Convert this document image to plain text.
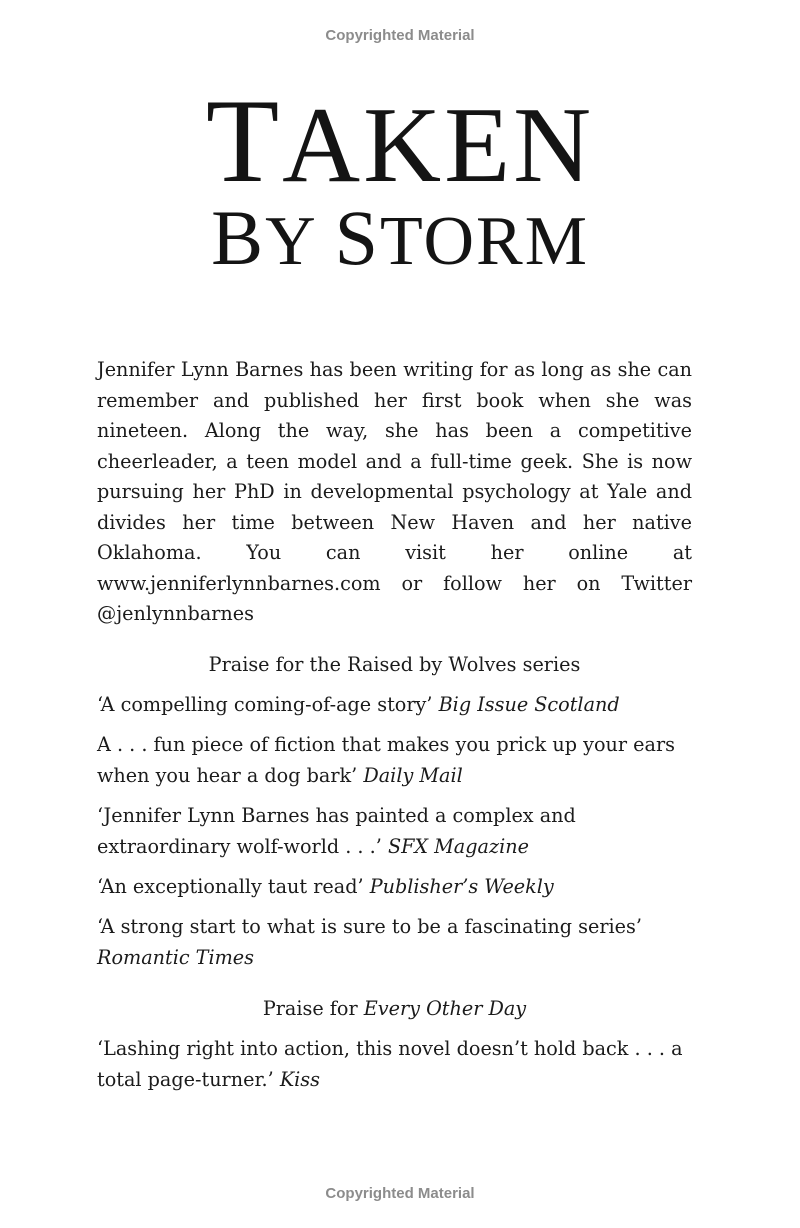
Copyrighted Material
TAKEN
BY STORM
Jennifer Lynn Barnes has been writing for as long as she can remember and published her first book when she was nineteen. Along the way, she has been a competitive cheerleader, a teen model and a full-time geek. She is now pursuing her PhD in developmental psychology at Yale and divides her time between New Haven and her native Oklahoma. You can visit her online at www.jenniferlynnbarnes.com or follow her on Twitter @jenlynnbarnes
Praise for the Raised by Wolves series
‘A compelling coming-of-age story’ Big Issue Scotland
A . . . fun piece of fiction that makes you prick up your ears when you hear a dog bark’ Daily Mail
‘Jennifer Lynn Barnes has painted a complex and extraordinary wolf-world . . .’ SFX Magazine
‘An exceptionally taut read’ Publisher’s Weekly
‘A strong start to what is sure to be a fascinating series’ Romantic Times
Praise for Every Other Day
‘Lashing right into action, this novel doesn’t hold back . . . a total page-turner.’ Kiss
Copyrighted Material
